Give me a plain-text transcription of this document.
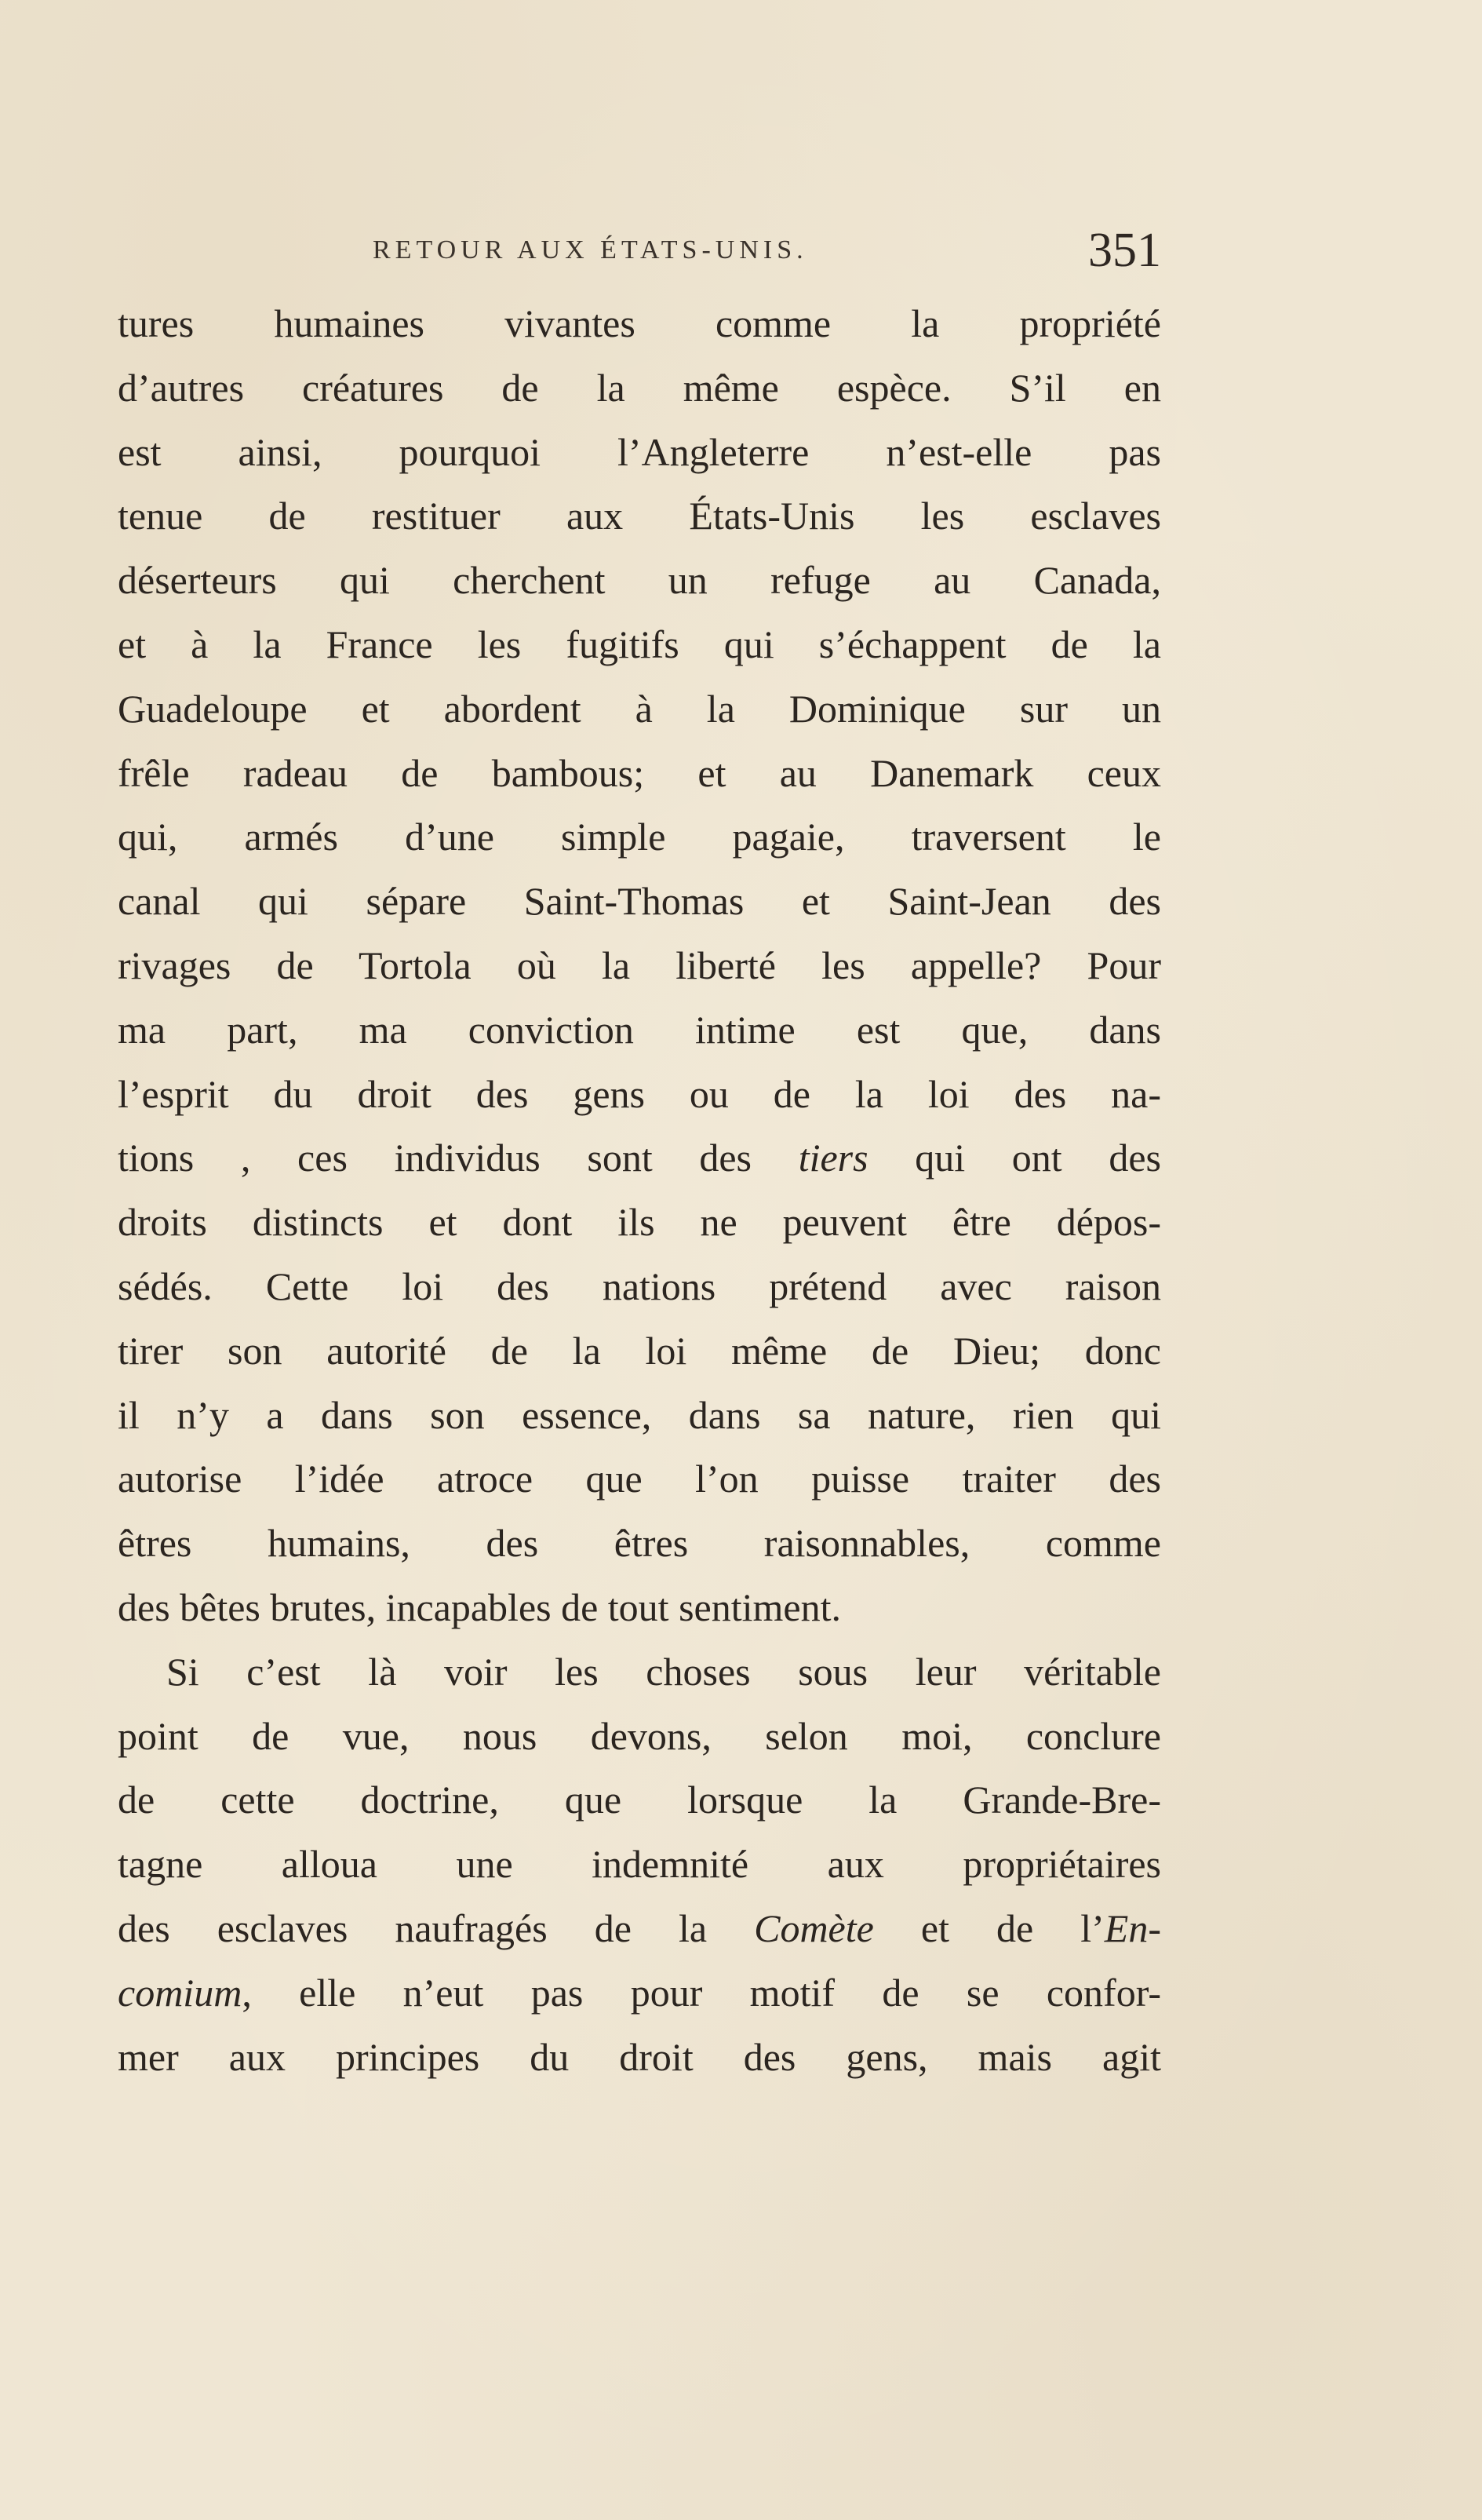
RETOUR AUX ÉTATS-UNIS.	351
tures humaines vivantes comme la propriété
d’autres créatures de la même espèce. S’il en
est ainsi, pourquoi l’Angleterre n’est-elle pas
tenue de restituer aux États-Unis les esclaves
déserteurs qui cherchent un refuge au Canada,
et à la France les fugitifs qui s’échappent de la
Guadeloupe et abordent à la Dominique sur un
frêle radeau de bambous; et au Danemark ceux
qui, armés d’une simple pagaie, traversent le
canal qui sépare Saint-Thomas et Saint-Jean des
rivages de Tortola où la liberté les appelle? Pour
ma part, ma conviction intime est que, dans
l’esprit du droit des gens ou de la loi des na-
tions , ces individus sont des tiers qui ont des
droits distincts et dont ils ne peuvent être dépos-
sédés. Cette loi des nations prétend avec raison
tirer son autorité de la loi même de Dieu; donc
il n’y a dans son essence, dans sa nature, rien qui
autorise l’idée atroce que l’on puisse traiter des
êtres humains, des êtres raisonnables, comme
des bêtes brutes, incapables de tout sentiment.
Si c’est là voir les choses sous leur véritable
point de vue, nous devons, selon moi, conclure
de cette doctrine, que lorsque la Grande-Bre-
tagne alloua une indemnité aux propriétaires
des esclaves naufragés de la Comète et de l’En-
comium, elle n’eut pas pour motif de se confor-
mer aux principes du droit des gens, mais agit
